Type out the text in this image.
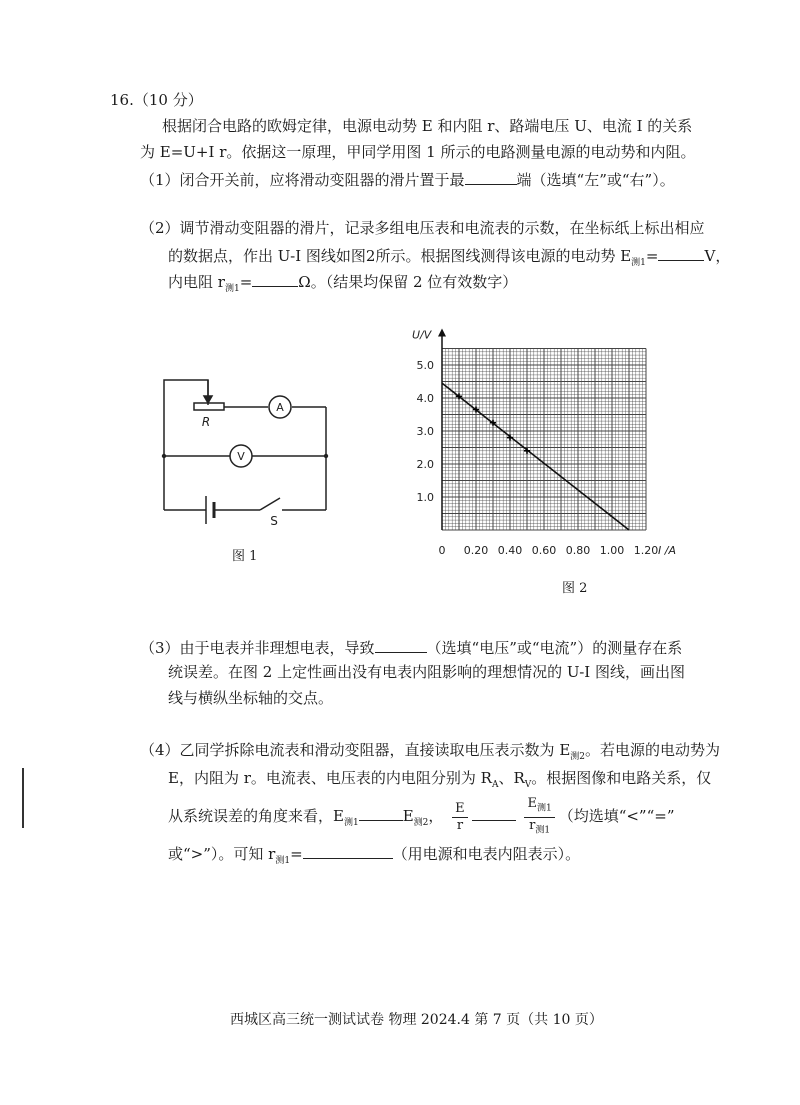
16.（10 分）
根据闭合电路的欧姆定律，电源电动势 E 和内阻 r、路端电压 U、电流 I 的关系
为 E=U+I r。依据这一原理，甲同学用图 1 所示的电路测量电源的电动势和内阻。
（1）闭合开关前，应将滑动变阻器的滑片置于最	端（选填“左”或“右”）。
（2）调节滑动变阻器的滑片，记录多组电压表和电流表的示数，在坐标纸上标出相应
的数据点，作出 U-I 图线如图2所示。根据图线测得该电源的电动势 $E_{测1}=$	V，
内电阻 $r_{测1}=$	Ω。（结果均保留 2 位有效数字）
A
V
R
S
图 1
1.0
2.0
3.0
4.0
5.0
0.20 0.40 0.60 0.80 1.00 1.20
0
U/V
I /A
图 2
（3）由于电表并非理想电表，导致	（选填“电压”或“电流”）的测量存在系
统误差。在图 2 上定性画出没有电表内阻影响的理想情况的 U-I 图线，画出图
线与横纵坐标轴的交点。
（4）乙同学拆除电流表和滑动变阻器，直接读取电压表示数为 $E_{测2}$。若电源的电动势为
E，内阻为 r。电流表、电压表的内电阻分别为 $R_A$、$R_V$。根据图像和电路关系，仅
从系统误差的角度来看，$E_{测1}$	$E_{测2}$， $\frac{E}{r}$
	$\frac{E_{测1}}{r_{测1}}$ （均选填“<”“=”
或“>”）。可知 $r_{测1}=$	（用电源和电表内阻表示）。
西城区高三统一测试试卷 物理 2024.4 第 7 页（共 10 页）
